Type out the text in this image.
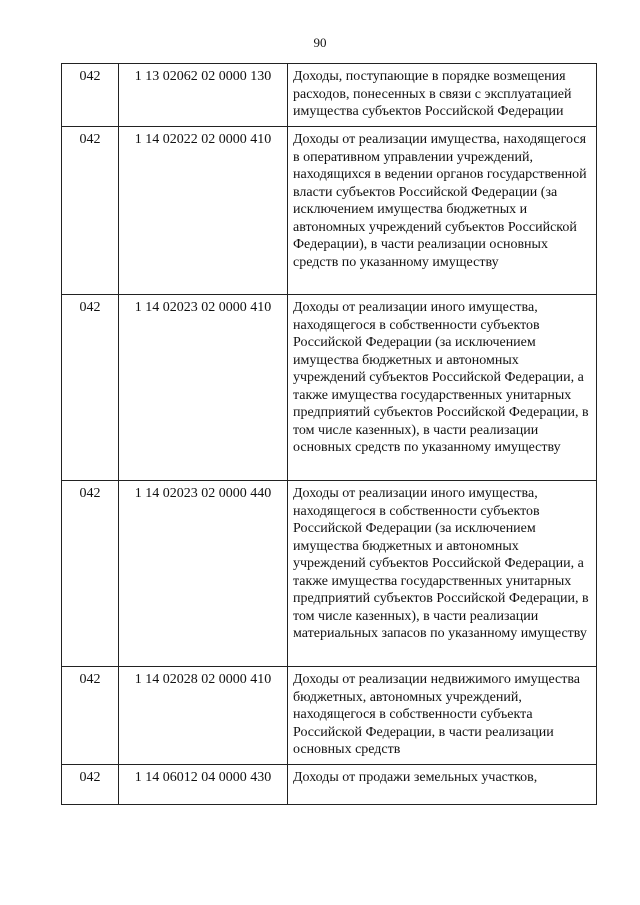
90
042	1 13 02062 02 0000 130	Доходы, поступающие в порядке возмещения расходов, понесенных в связи с эксплуатацией имущества субъектов Российской Федерации
042	1 14 02022 02 0000 410	Доходы от реализации имущества, находящегося в оперативном управлении учреждений, находящихся в ведении органов государственной власти субъектов Российской Федерации (за исключением имущества бюджетных и автономных учреждений субъектов Российской Федерации), в части реализации основных средств по указанному имуществу
042	1 14 02023 02 0000 410	Доходы от реализации иного имущества, находящегося в собственности субъектов Российской Федерации (за исключением имущества бюджетных и автономных учреждений субъектов Российской Федерации, а также имущества государственных унитарных предприятий субъектов Российской Федерации, в том числе казенных), в части реализации основных средств по указанному имуществу
042	1 14 02023 02 0000 440	Доходы от реализации иного имущества, находящегося в собственности субъектов Российской Федерации (за исключением имущества бюджетных и автономных учреждений субъектов Российской Федерации, а также имущества государственных унитарных предприятий субъектов Российской Федерации, в том числе казенных), в части реализации материальных запасов по указанному имуществу
042	1 14 02028 02 0000 410	Доходы от реализации недвижимого имущества бюджетных, автономных учреждений, находящегося в собственности субъекта Российской Федерации, в части реализации основных средств
042	1 14 06012 04 0000 430	Доходы от продажи земельных участков,
